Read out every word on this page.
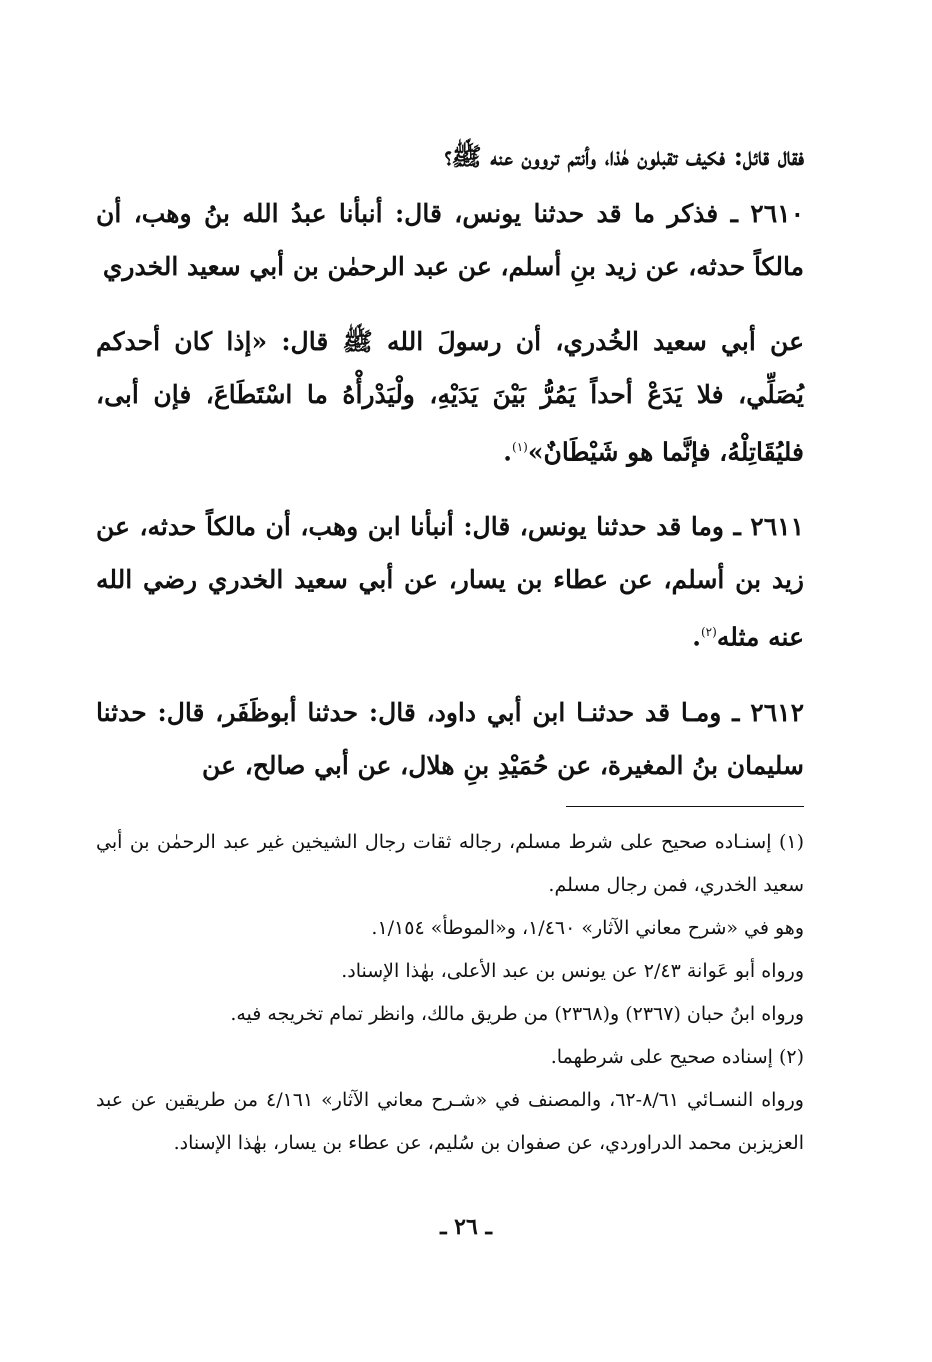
فقال قائل: فكيف تقبلون هٰذا، وأنتم تروون عنه ﷺ؟

٢٦١٠ ـ فذكر ما قد حدثنا يونس، قال: أنبأنا عبدُ الله بنُ وهب، أن مالكاً حدثه، عن زيد بنِ أسلم، عن عبد الرحمٰن بن أبي سعيد الخدري

عن أبي سعيد الخُدري، أن رسولَ الله ﷺ قال: «إذا كان أحدكم يُصَلِّي، فلا يَدَعْ أحداً يَمُرُّ بَيْنَ يَدَيْهِ، ولْيَدْرأْهُ ما اسْتَطَاعَ، فإن أبى، فليُقَاتِلْهُ، فإنَّما هو شَيْطَانٌ»$^{(١)}$.

٢٦١١ ـ وما قد حدثنا يونس، قال: أنبأنا ابن وهب، أن مالكاً حدثه، عن زيد بن أسلم، عن عطاء بن يسار، عن أبي سعيد الخدري رضي الله عنه مثله$^{(٢)}$.

٢٦١٢ ـ ومـا قد حدثنـا ابن أبي داود، قال: حدثنا أبوظَفَر، قال: حدثنا سليمان بنُ المغيرة، عن حُمَيْدِ بنِ هلال، عن أبي صالح، عن

(١) إسنـاده صحيح على شرط مسلم، رجاله ثقات رجال الشيخين غير عبد الرحمٰن بن أبي سعيد الخدري، فمن رجال مسلم.

وهو في «شرح معاني الآثار» ١/٤٦٠، و«الموطأ» ١/١٥٤.

ورواه أبو عَوانة ٢/٤٣ عن يونس بن عبد الأعلى، بهٰذا الإسناد.

ورواه ابنُ حبان (٢٣٦٧) و(٢٣٦٨) من طريق مالك، وانظر تمام تخريجه فيه.

(٢) إسناده صحيح على شرطهما.

ورواه النسـائي ٨/٦١-٦٢، والمصنف في «شـرح معاني الآثار» ٤/١٦١ من طريقين عن عبد العزيزبن محمد الدراوردي، عن صفوان بن سُليم، عن عطاء بن يسار، بهٰذا الإسناد.

ـ ٢٦ ـ
